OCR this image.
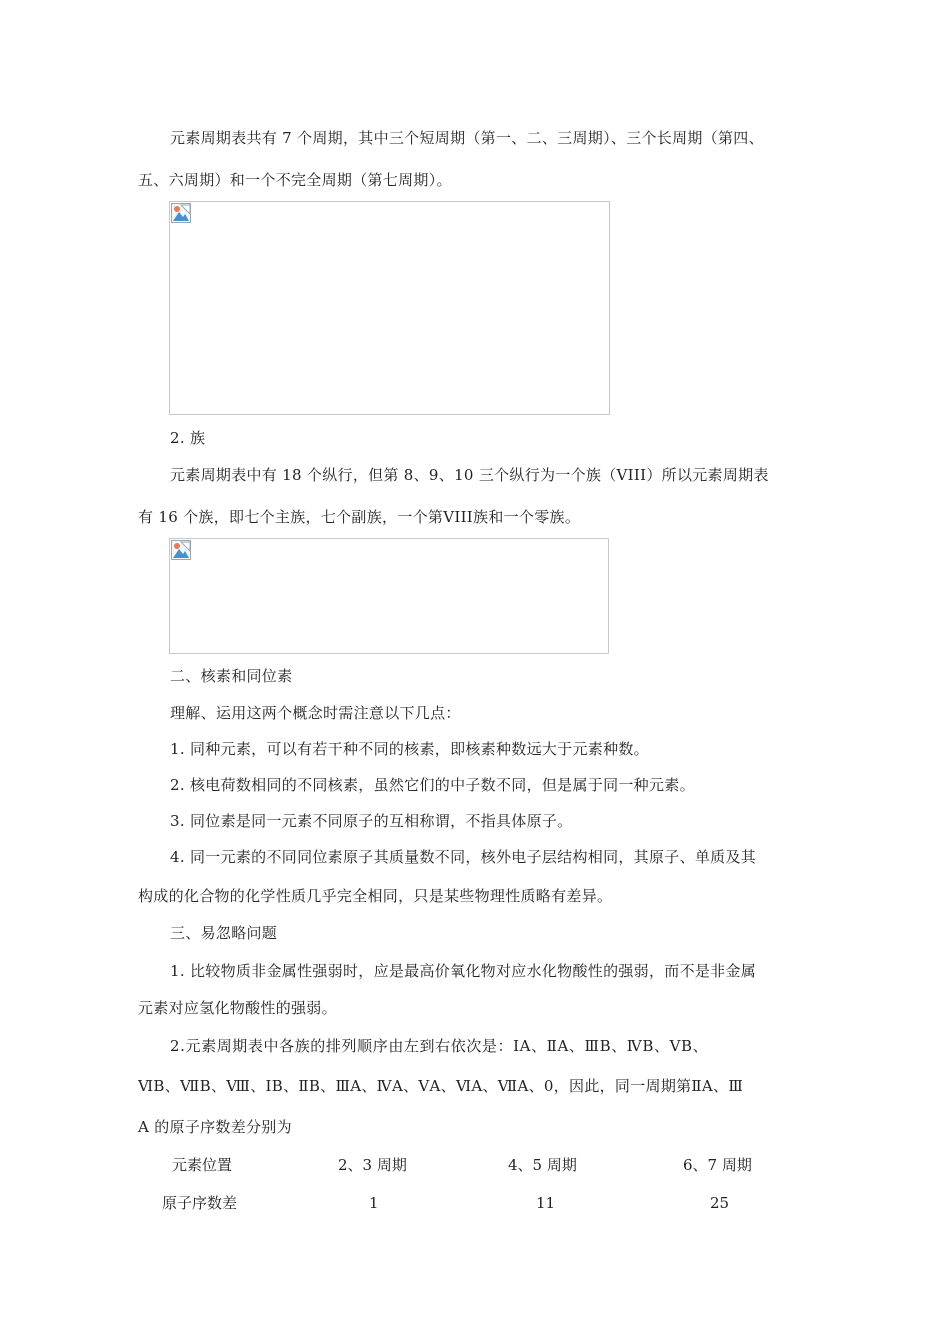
元素周期表共有 7 个周期，其中三个短周期（第一、二、三周期）、三个长周期（第四、
五、六周期）和一个不完全周期（第七周期）。
2. 族
元素周期表中有 18 个纵行，但第 8、9、10 三个纵行为一个族（VIII）所以元素周期表
有 16 个族，即七个主族，七个副族，一个第VIII族和一个零族。
二、核素和同位素
理解、运用这两个概念时需注意以下几点：
1. 同种元素，可以有若干种不同的核素，即核素种数远大于元素种数。
2. 核电荷数相同的不同核素，虽然它们的中子数不同，但是属于同一种元素。
3. 同位素是同一元素不同原子的互相称谓，不指具体原子。
4. 同一元素的不同同位素原子其质量数不同，核外电子层结构相同，其原子、单质及其
构成的化合物的化学性质几乎完全相同，只是某些物理性质略有差异。
三、易忽略问题
1. 比较物质非金属性强弱时，应是最高价氧化物对应水化物酸性的强弱，而不是非金属
元素对应氢化物酸性的强弱。
2.元素周期表中各族的排列顺序由左到右依次是：ⅠA、ⅡA、ⅢB、ⅣB、ⅤB、
ⅥB、ⅦB、Ⅷ、ⅠB、ⅡB、ⅢA、ⅣA、ⅤA、ⅥA、ⅦA、0，因此，同一周期第ⅡA、Ⅲ
A 的原子序数差分别为
元素位置	2、3 周期	4、5 周期	6、7 周期
原子序数差	1	11	25
